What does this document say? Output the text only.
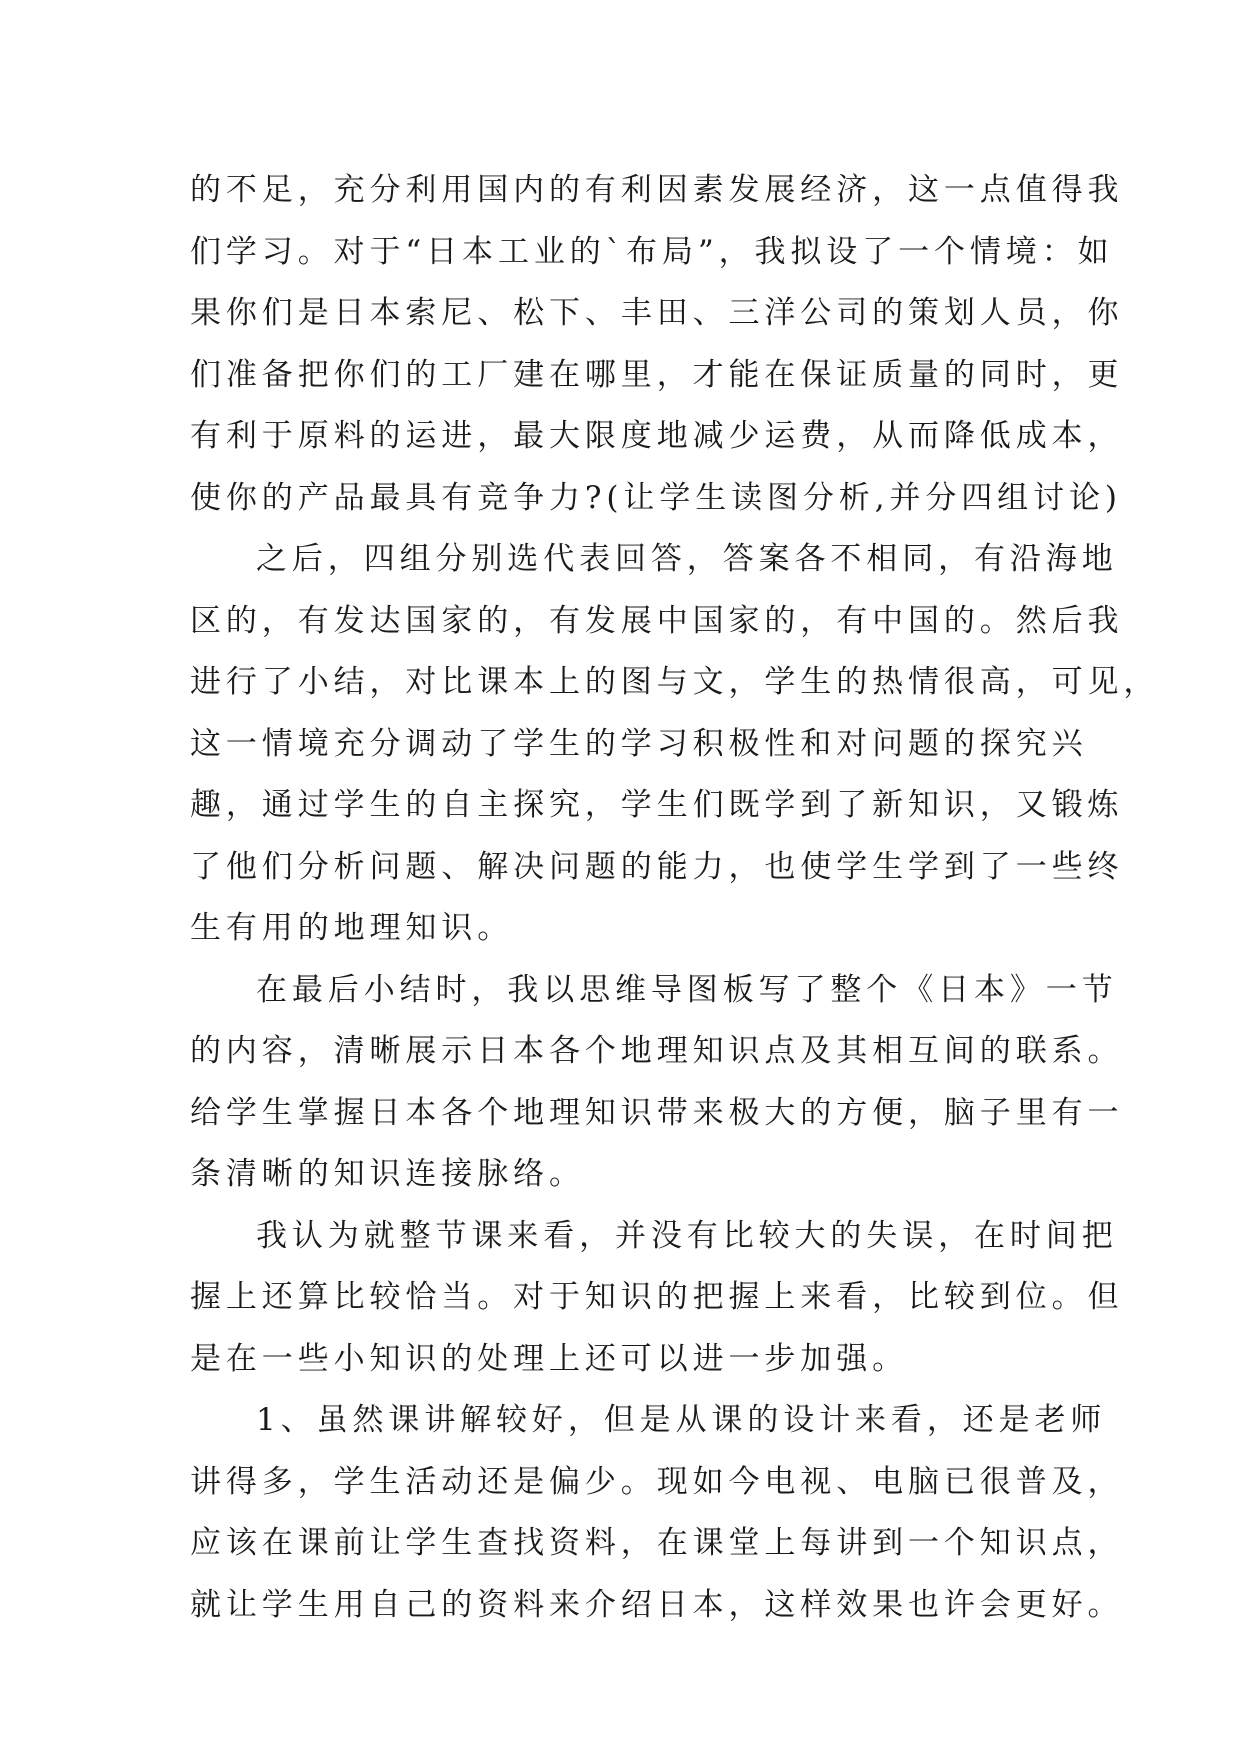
的不足，充分利用国内的有利因素发展经济，这一点值得我
们学习。对于“日本工业的`布局”，我拟设了一个情境：如
果你们是日本索尼、松下、丰田、三洋公司的策划人员，你
们准备把你们的工厂建在哪里，才能在保证质量的同时，更
有利于原料的运进，最大限度地减少运费，从而降低成本，
使你的产品最具有竞争力?(让学生读图分析,并分四组讨论)
之后，四组分别选代表回答，答案各不相同，有沿海地
区的，有发达国家的，有发展中国家的，有中国的。然后我
进行了小结，对比课本上的图与文，学生的热情很高，可见，
这一情境充分调动了学生的学习积极性和对问题的探究兴
趣，通过学生的自主探究，学生们既学到了新知识，又锻炼
了他们分析问题、解决问题的能力，也使学生学到了一些终
生有用的地理知识。
在最后小结时，我以思维导图板写了整个《日本》一节
的内容，清晰展示日本各个地理知识点及其相互间的联系。
给学生掌握日本各个地理知识带来极大的方便，脑子里有一
条清晰的知识连接脉络。
我认为就整节课来看，并没有比较大的失误，在时间把
握上还算比较恰当。对于知识的把握上来看，比较到位。但
是在一些小知识的处理上还可以进一步加强。
1、虽然课讲解较好，但是从课的设计来看，还是老师
讲得多，学生活动还是偏少。现如今电视、电脑已很普及，
应该在课前让学生查找资料，在课堂上每讲到一个知识点，
就让学生用自己的资料来介绍日本，这样效果也许会更好。
